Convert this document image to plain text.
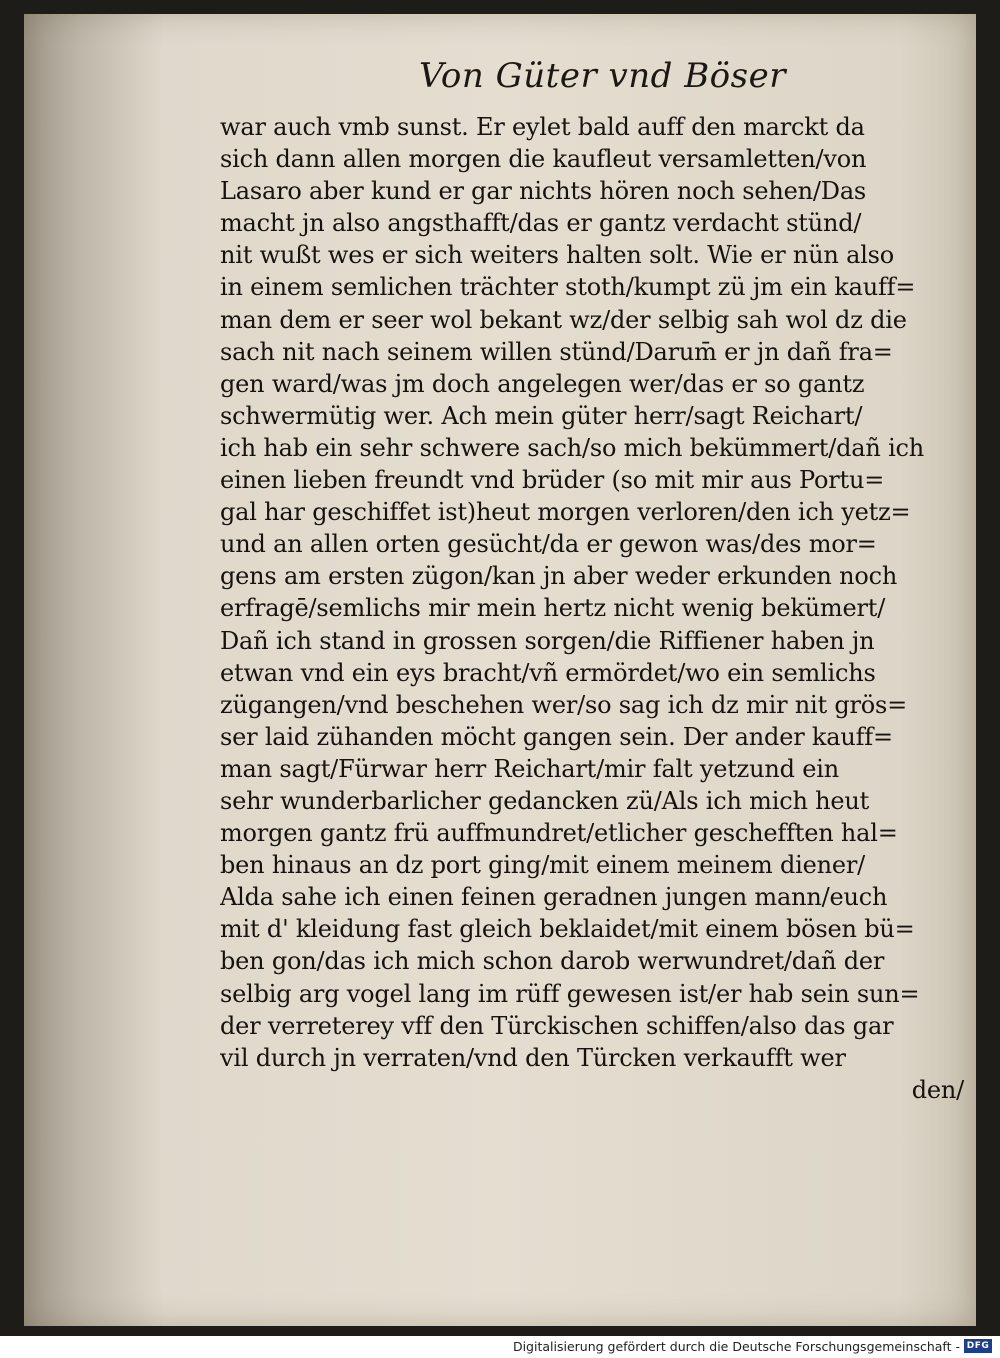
Von Güter vnd Böser
war auch vmb sunst. Er eylet bald auff den marckt da
sich dann allen morgen die kaufleut versamletten/von
Lasaro aber kund er gar nichts hören noch sehen/Das
macht jn also angsthafft/das er gantz verdacht stünd/
nit wußt wes er sich weiters halten solt. Wie er nün also
in einem semlichen trächter stoth/kumpt zü jm ein kauff=
man dem er seer wol bekant wz/der selbig sah wol dz die
sach nit nach seinem willen stünd/Darum̄ er jn dañ fra=
gen ward/was jm doch angelegen wer/das er so gantz
schwermütig wer. Ach mein güter herr/sagt Reichart/
ich hab ein sehr schwere sach/so mich bekümmert/dañ ich
einen lieben freundt vnd brüder (so mit mir aus Portu=
gal har geschiffet ist)heut morgen verloren/den ich yetz=
und an allen orten gesücht/da er gewon was/des mor=
gens am ersten zügon/kan jn aber weder erkunden noch
erfragē/semlichs mir mein hertz nicht wenig bekümert/
Dañ ich stand in grossen sorgen/die Riffiener haben jn
etwan vnd ein eys bracht/vñ ermördet/wo ein semlichs
zügangen/vnd beschehen wer/so sag ich dz mir nit grös=
ser laid zühanden möcht gangen sein. Der ander kauff=
man sagt/Fürwar herr Reichart/mir falt yetzund ein
sehr wunderbarlicher gedancken zü/Als ich mich heut
morgen gantz frü auffmundret/etlicher geschefften hal=
ben hinaus an dz port ging/mit einem meinem diener/
Alda sahe ich einen feinen geradnen jungen mann/euch
mit d' kleidung fast gleich beklaidet/mit einem bösen bü=
ben gon/das ich mich schon darob werwundret/dañ der
selbig arg vogel lang im rüff gewesen ist/er hab sein sun=
der verreterey vff den Türckischen schiffen/also das gar
vil durch jn verraten/vnd den Türcken verkaufft wer
den/
Digitalisierung gefördert durch die Deutsche Forschungsgemeinschaft - DFG
